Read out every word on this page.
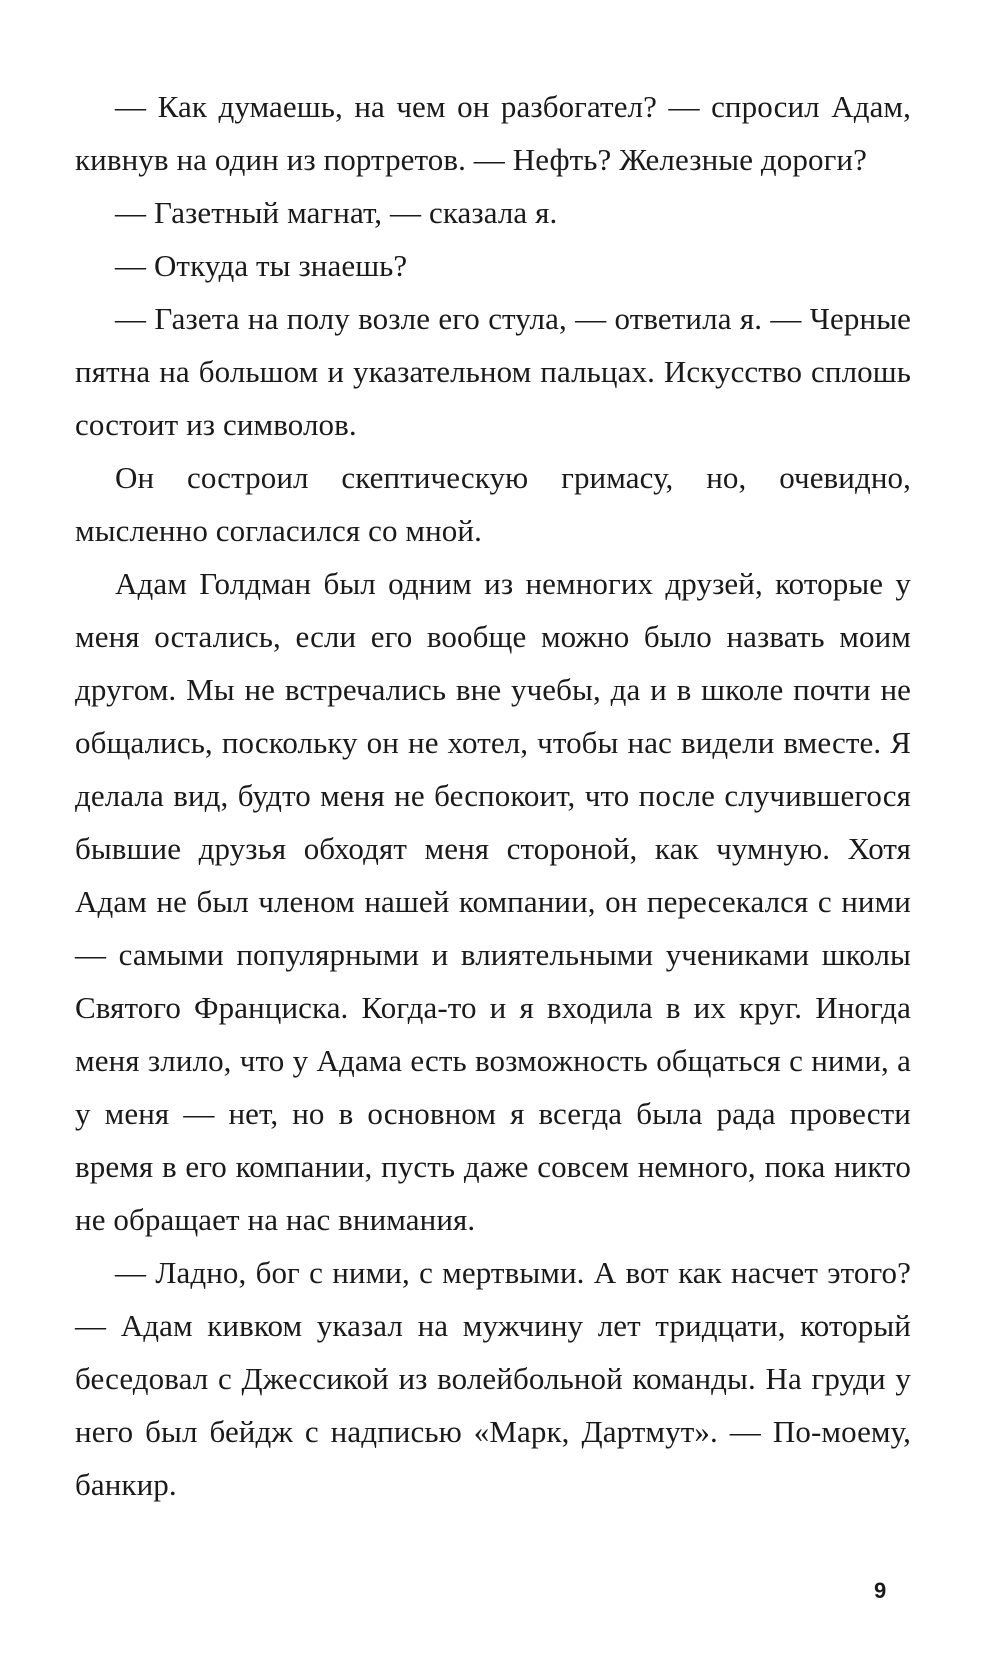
— Как думаешь, на чем он разбогател? — спросил Адам, кивнув на один из портретов. — Нефть? Железные дороги?

— Газетный магнат, — сказала я.

— Откуда ты знаешь?

— Газета на полу возле его стула, — ответила я. — Черные пятна на большом и указательном пальцах. Искусство сплошь состоит из символов.

Он состроил скептическую гримасу, но, очевидно, мысленно согласился со мной.

Адам Голдман был одним из немногих друзей, которые у меня остались, если его вообще можно было назвать моим другом. Мы не встречались вне учебы, да и в школе почти не общались, поскольку он не хотел, чтобы нас видели вместе. Я делала вид, будто меня не беспокоит, что после случившегося бывшие друзья обходят меня стороной, как чумную. Хотя Адам не был членом нашей компании, он пересекался с ними — самыми популярными и влиятельными учениками школы Святого Франциска. Когда-то и я входила в их круг. Иногда меня злило, что у Адама есть возможность общаться с ними, а у меня — нет, но в основном я всегда была рада провести время в его компании, пусть даже совсем немного, пока никто не обращает на нас внимания.

— Ладно, бог с ними, с мертвыми. А вот как насчет этого? — Адам кивком указал на мужчину лет тридцати, который беседовал с Джессикой из волейбольной команды. На груди у него был бейдж с надписью «Марк, Дартмут». — По-моему, банкир.

9
